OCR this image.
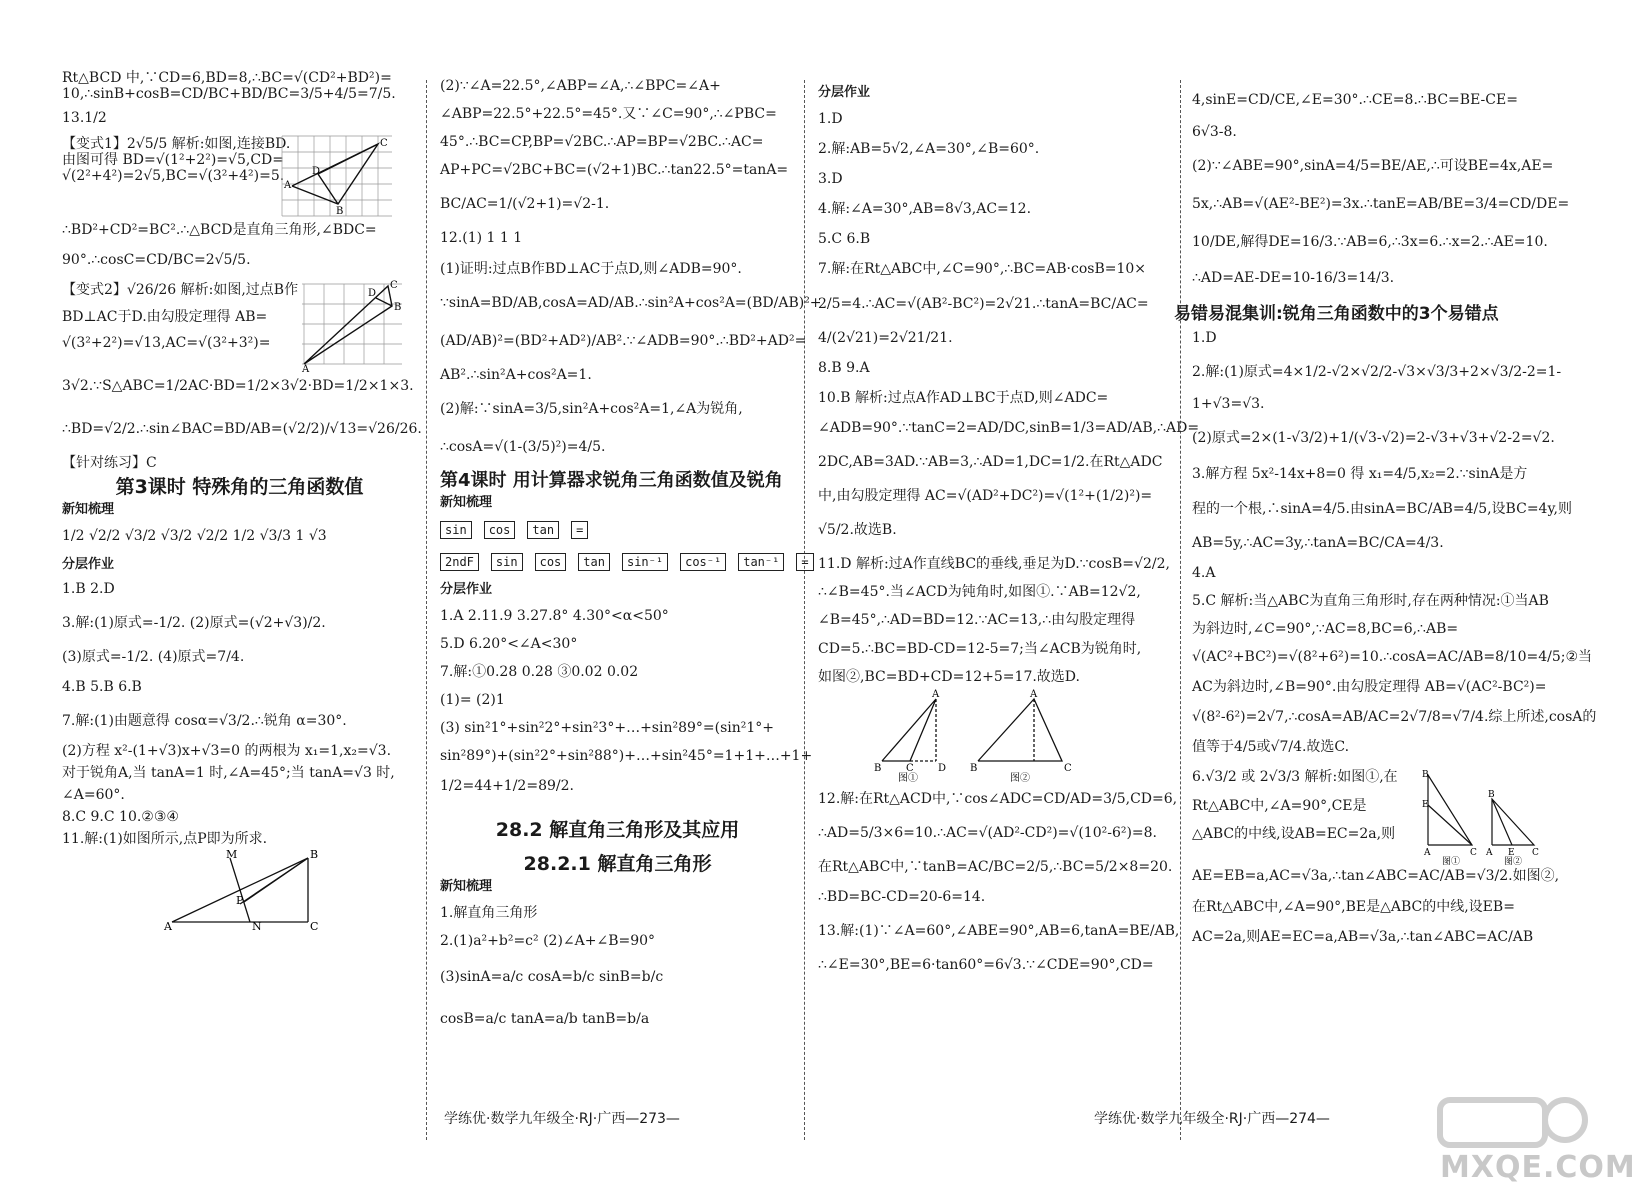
Rt△BCD 中,∵CD=6,BD=8,∴BC=√(CD²+BD²)=

10,∴sinB+cosB=CD/BC+BD/BC=3/5+4/5=7/5.

13.1/2

【变式1】2√5/5 解析:如图,连接BD.

由图可得 BD=√(1²+2²)=√5,CD=

√(2²+4²)=2√5,BC=√(3²+4²)=5.

A
C
D
B

∴BD²+CD²=BC².∴△BCD是直角三角形,∠BDC=

90°.∴cosC=CD/BC=2√5/5.

【变式2】√26/26 解析:如图,过点B作

BD⊥AC于D.由勾股定理得 AB=

√(3²+2²)=√13,AC=√(3²+3²)=

A
C
B
D

3√2.∵S△ABC=1/2AC·BD=1/2×3√2·BD=1/2×1×3.

∴BD=√2/2.∴sin∠BAC=BD/AB=(√2/2)/√13=√26/26.

【针对练习】C

第3课时 特殊角的三角函数值

新知梳理

1/2 √2/2 √3/2 √3/2 √2/2 1/2 √3/3 1 √3

分层作业

1.B 2.D

3.解:(1)原式=-1/2. (2)原式=(√2+√3)/2.

(3)原式=-1/2. (4)原式=7/4.

4.B 5.B 6.B

7.解:(1)由题意得 cosα=√3/2.∴锐角 α=30°.

(2)方程 x²-(1+√3)x+√3=0 的两根为 x₁=1,x₂=√3.

对于锐角A,当 tanA=1 时,∠A=45°;当 tanA=√3 时,

∠A=60°.

8.C 9.C 10.②③④

11.解:(1)如图所示,点P即为所求.

A
B
C
M
N
P

(2)∵∠A=22.5°,∠ABP=∠A,∴∠BPC=∠A+

∠ABP=22.5°+22.5°=45°.又∵∠C=90°,∴∠PBC=

45°.∴BC=CP,BP=√2BC.∴AP=BP=√2BC.∴AC=

AP+PC=√2BC+BC=(√2+1)BC.∴tan22.5°=tanA=

BC/AC=1/(√2+1)=√2-1.

12.(1) 1 1 1

(1)证明:过点B作BD⊥AC于点D,则∠ADB=90°.

∵sinA=BD/AB,cosA=AD/AB.∴sin²A+cos²A=(BD/AB)²+

(AD/AB)²=(BD²+AD²)/AB².∵∠ADB=90°.∴BD²+AD²=

AB².∴sin²A+cos²A=1.

(2)解:∵sinA=3/5,sin²A+cos²A=1,∠A为锐角,

∴cosA=√(1-(3/5)²)=4/5.

第4课时 用计算器求锐角三角函数值及锐角

新知梳理

sin	cos	tan	=
2ndF	sin	cos	tan	sin⁻¹	cos⁻¹	tan⁻¹	=

分层作业

1.A 2.11.9 3.27.8° 4.30°<α<50°

5.D 6.20°<∠A<30°

7.解:①0.28 0.28 ③0.02 0.02

(1)= (2)1

(3) sin²1°+sin²2°+sin²3°+…+sin²89°=(sin²1°+

sin²89°)+(sin²2°+sin²88°)+…+sin²45°=1+1+…+1+

1/2=44+1/2=89/2.

28.2 解直角三角形及其应用

28.2.1 解直角三角形

新知梳理

1.解直角三角形

2.(1)a²+b²=c² (2)∠A+∠B=90°

(3)sinA=a/c cosA=b/c sinB=b/c

cosB=a/c tanA=a/b tanB=b/a

分层作业

1.D

2.解:AB=5√2,∠A=30°,∠B=60°.

3.D

4.解:∠A=30°,AB=8√3,AC=12.

5.C 6.B

7.解:在Rt△ABC中,∠C=90°,∴BC=AB·cosB=10×

2/5=4.∴AC=√(AB²-BC²)=2√21.∴tanA=BC/AC=

4/(2√21)=2√21/21.

8.B 9.A

10.B 解析:过点A作AD⊥BC于点D,则∠ADC=

∠ADB=90°.∵tanC=2=AD/DC,sinB=1/3=AD/AB,∴AD=

2DC,AB=3AD.∵AB=3,∴AD=1,DC=1/2.在Rt△ADC

中,由勾股定理得 AC=√(AD²+DC²)=√(1²+(1/2)²)=

√5/2.故选B.

11.D 解析:过A作直线BC的垂线,垂足为D.∵cosB=√2/2,

∴∠B=45°.当∠ACD为钝角时,如图①.∵AB=12√2,

∠B=45°,∴AD=BD=12.∵AC=13,∴由勾股定理得

CD=5.∴BC=BD-CD=12-5=7;当∠ACB为锐角时,

如图②,BC=BD+CD=12+5=17.故选D.

B
A
C D
图①
B
A
C
图②

12.解:在Rt△ACD中,∵cos∠ADC=CD/AD=3/5,CD=6,

∴AD=5/3×6=10.∴AC=√(AD²-CD²)=√(10²-6²)=8.

在Rt△ABC中,∵tanB=AC/BC=2/5,∴BC=5/2×8=20.

∴BD=BC-CD=20-6=14.

13.解:(1)∵∠A=60°,∠ABE=90°,AB=6,tanA=BE/AB,

∴∠E=30°,BE=6·tan60°=6√3.∵∠CDE=90°,CD=

4,sinE=CD/CE,∠E=30°.∴CE=8.∴BC=BE-CE=

6√3-8.

(2)∵∠ABE=90°,sinA=4/5=BE/AE,∴可设BE=4x,AE=

5x,∴AB=√(AE²-BE²)=3x.∴tanE=AB/BE=3/4=CD/DE=

10/DE,解得DE=16/3.∵AB=6,∴3x=6.∴x=2.∴AE=10.

∴AD=AE-DE=10-16/3=14/3.

易错易混集训:锐角三角函数中的3个易错点

1.D

2.解:(1)原式=4×1/2-√2×√2/2-√3×√3/3+2×√3/2-2=1-

1+√3=√3.

(2)原式=2×(1-√3/2)+1/(√3-√2)=2-√3+√3+√2-2=√2.

3.解方程 5x²-14x+8=0 得 x₁=4/5,x₂=2.∵sinA是方

程的一个根,∴sinA=4/5.由sinA=BC/AB=4/5,设BC=4y,则

AB=5y,∴AC=3y,∴tanA=BC/CA=4/3.

4.A

5.C 解析:当△ABC为直角三角形时,存在两种情况:①当AB

为斜边时,∠C=90°,∵AC=8,BC=6,∴AB=

√(AC²+BC²)=√(8²+6²)=10.∴cosA=AC/AB=8/10=4/5;②当

AC为斜边时,∠B=90°.由勾股定理得 AB=√(AC²-BC²)=

√(8²-6²)=2√7,∴cosA=AB/AC=2√7/8=√7/4.综上所述,cosA的

值等于4/5或√7/4.故选C.

6.√3/2 或 2√3/3 解析:如图①,在

Rt△ABC中,∠A=90°,CE是

△ABC的中线,设AB=EC=2a,则

B
E
A	C
图①
B
A E C
图②

AE=EB=a,AC=√3a,∴tan∠ABC=AC/AB=√3/2.如图②,

在Rt△ABC中,∠A=90°,BE是△ABC的中线,设EB=

AC=2a,则AE=EC=a,AB=√3a,∴tan∠ABC=AC/AB

学练优·数学九年级全·RJ·广西—273—	学练优·数学九年级全·RJ·广西—274—
MXQE.COM
